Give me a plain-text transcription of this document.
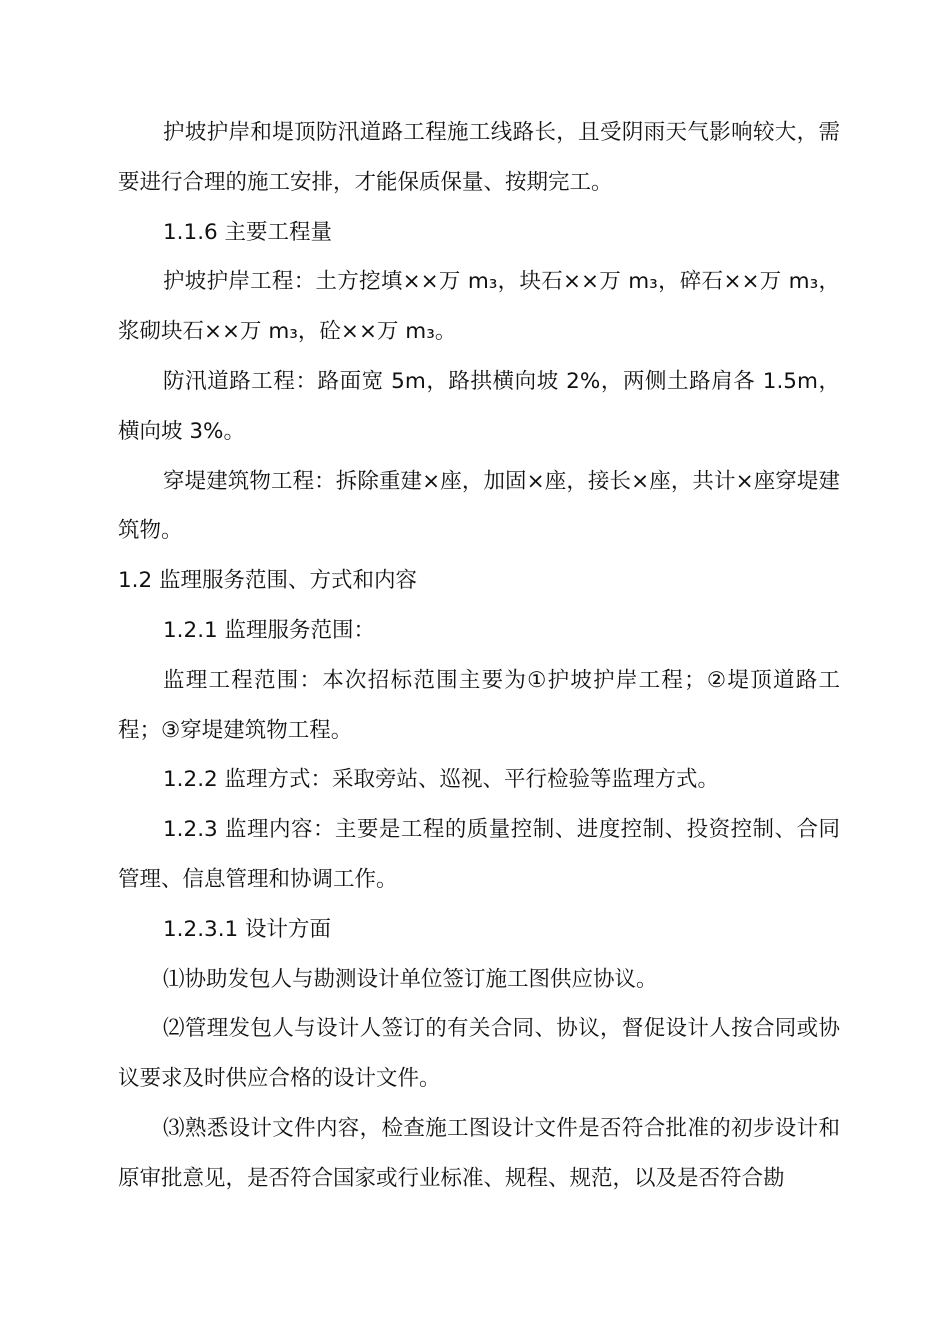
护坡护岸和堤顶防汛道路工程施工线路长，且受阴雨天气影响较大，需要进行合理的施工安排，才能保质保量、按期完工。

1.1.6 主要工程量

护坡护岸工程：土方挖填××万 m₃，块石××万 m₃，碎石××万 m₃，浆砌块石××万 m₃，砼××万 m₃。

防汛道路工程：路面宽 5m，路拱横向坡 2%，两侧土路肩各 1.5m，横向坡 3%。

穿堤建筑物工程：拆除重建×座，加固×座，接长×座，共计×座穿堤建筑物。

1.2 监理服务范围、方式和内容

1.2.1 监理服务范围：

监理工程范围：本次招标范围主要为①护坡护岸工程；②堤顶道路工程；③穿堤建筑物工程。

1.2.2 监理方式：采取旁站、巡视、平行检验等监理方式。

1.2.3 监理内容：主要是工程的质量控制、进度控制、投资控制、合同管理、信息管理和协调工作。

1.2.3.1 设计方面

⑴协助发包人与勘测设计单位签订施工图供应协议。

⑵管理发包人与设计人签订的有关合同、协议，督促设计人按合同或协议要求及时供应合格的设计文件。

⑶熟悉设计文件内容，检查施工图设计文件是否符合批准的初步设计和原审批意见，是否符合国家或行业标准、规程、规范，以及是否符合勘
